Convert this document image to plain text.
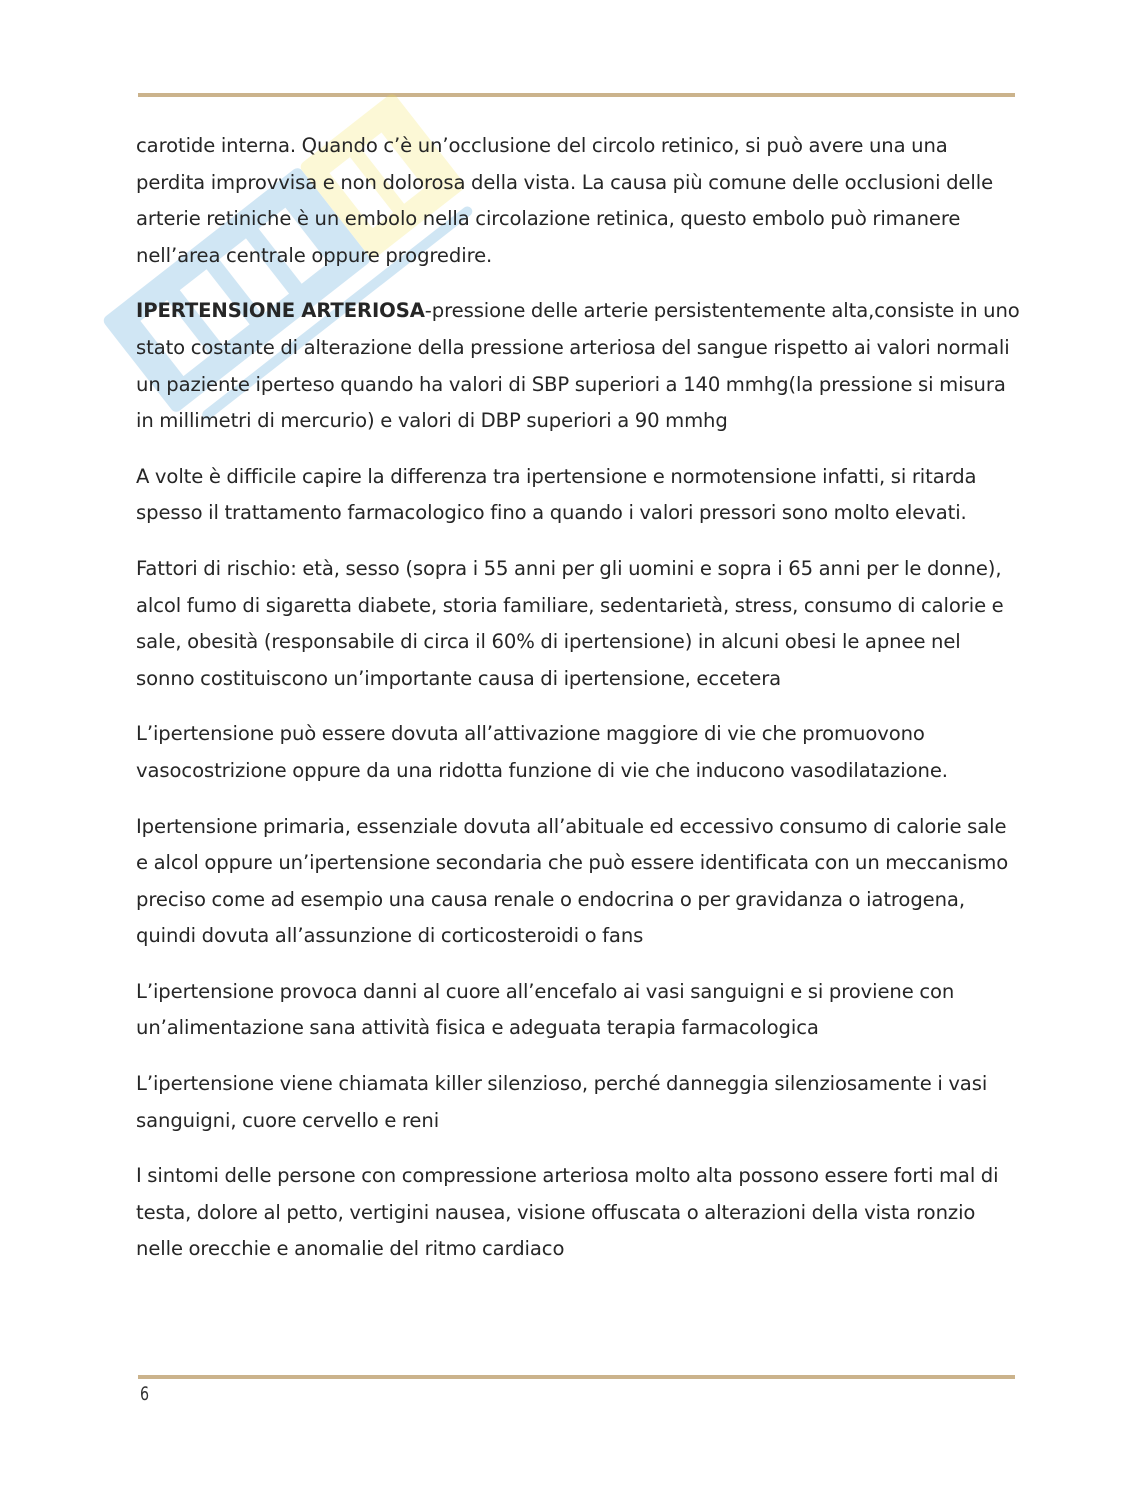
carotide interna. Quando c’è un’occlusione del circolo retinico, si può avere una una perdita improvvisa e non dolorosa della vista. La causa più comune delle occlusioni delle arterie retiniche è un embolo nella circolazione retinica, questo embolo può rimanere nell’area centrale oppure progredire.

IPERTENSIONE ARTERIOSA-pressione delle arterie persistentemente alta,consiste in uno stato costante di alterazione della pressione arteriosa del sangue rispetto ai valori normali un paziente iperteso quando ha valori di SBP superiori a 140 mmhg(la pressione si misura in millimetri di mercurio) e valori di DBP superiori a 90 mmhg

A volte è difficile capire la differenza tra ipertensione e normotensione infatti, si ritarda spesso il trattamento farmacologico fino a quando i valori pressori sono molto elevati.

Fattori di rischio: età, sesso (sopra i 55 anni per gli uomini e sopra i 65 anni per le donne), alcol fumo di sigaretta diabete, storia familiare, sedentarietà, stress, consumo di calorie e sale, obesità (responsabile di circa il 60% di ipertensione) in alcuni obesi le apnee nel sonno costituiscono un’importante causa di ipertensione, eccetera

L’ipertensione può essere dovuta all’attivazione maggiore di vie che promuovono vasocostrizione oppure da una ridotta funzione di vie che inducono vasodilatazione.

Ipertensione primaria, essenziale dovuta all’abituale ed eccessivo consumo di calorie sale e alcol oppure un’ipertensione secondaria che può essere identificata con un meccanismo preciso come ad esempio una causa renale o endocrina o per gravidanza o iatrogena, quindi dovuta all’assunzione di corticosteroidi o fans

L’ipertensione provoca danni al cuore all’encefalo ai vasi sanguigni e si proviene con un’alimentazione sana attività fisica e adeguata terapia farmacologica

L’ipertensione viene chiamata killer silenzioso, perché danneggia silenziosamente i vasi sanguigni, cuore cervello e reni

I sintomi delle persone con compressione arteriosa molto alta possono essere forti mal di testa, dolore al petto, vertigini nausea, visione offuscata o alterazioni della vista ronzio nelle orecchie e anomalie del ritmo cardiaco

6
